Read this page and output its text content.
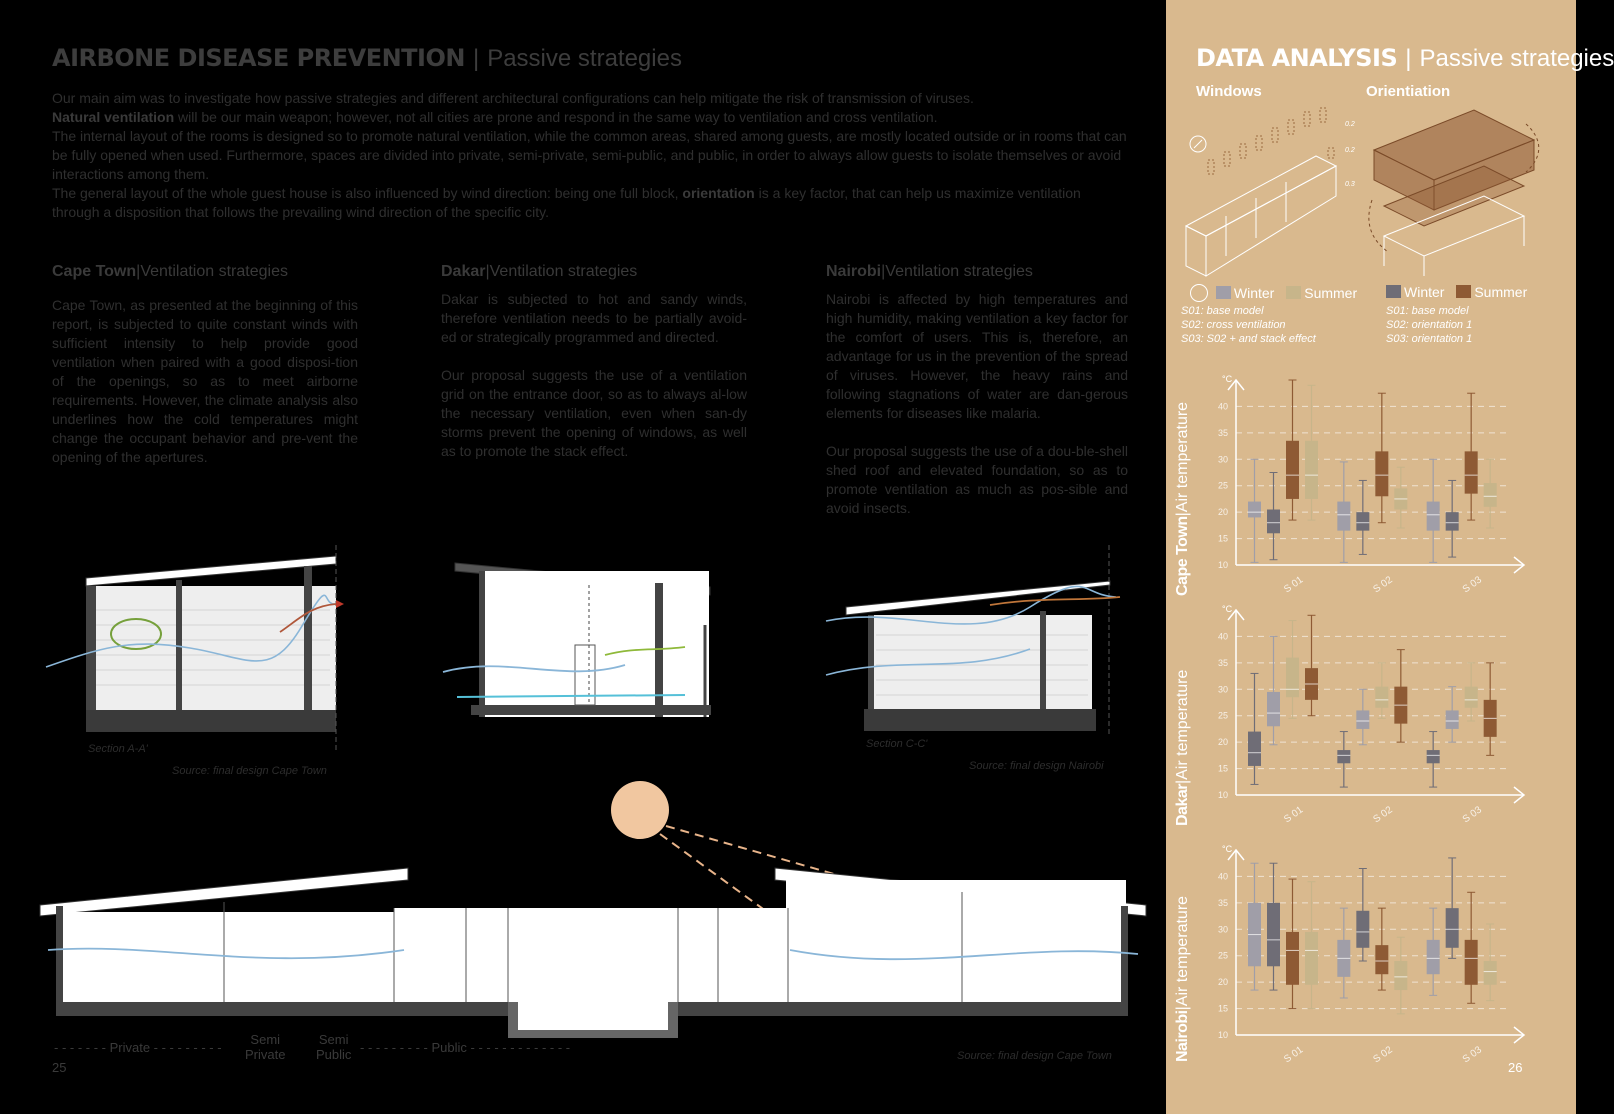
AIRBONE DISEASE PREVENTION | Passive strategies

Our main aim was to investigate how passive strategies and different architectural configurations can help mitigate the risk of transmission of viruses.

Natural ventilation will be our main weapon; however, not all cities are prone and respond in the same way to ventilation and cross ventilation.

The internal layout of the rooms is designed so to promote natural ventilation, while the common areas, shared among guests, are mostly located outside or in rooms that can be fully opened when used. Furthermore, spaces are divided into private, semi-private, semi-public, and public, in order to always allow guests to isolate themselves or avoid interactions among them.

The general layout of the whole guest house is also influenced by wind direction: being one full block, orientation is a key factor, that can help us maximize ventilation through a disposition that follows the prevailing wind direction of the specific city.

Cape Town|Ventilation strategies	Dakar|Ventilation strategies	Nairobi|Ventilation strategies

Cape Town, as presented at the beginning of this report, is subjected to quite constant winds with sufficient intensity to help provide good ventilation when paired with a good disposi-tion of the openings, so as to meet airborne requirements. However, the climate analysis also underlines how the cold temperatures might change the occupant behavior and pre-vent the opening of the apertures.

Dakar is subjected to hot and sandy winds, therefore ventilation needs to be partially avoid-ed or strategically programmed and directed.

Our proposal suggests the use of a ventilation grid on the entrance door, so as to always al-low the necessary ventilation, even when san-dy storms prevent the opening of windows, as well as to promote the stack effect.

Nairobi is affected by high temperatures and high humidity, making ventilation a key factor for the comfort of users. This is, therefore, an advantage for us in the prevention of the spread of viruses. However, the heavy rains and following stagnations of water are dan-gerous elements for diseases like malaria.

Our proposal suggests the use of a dou-ble-shell shed roof and elevated foundation, so as to promote ventilation as much as pos-sible and avoid insects.

Section A-A'
Source: final design Cape Town
Section C-C'
Source: final design Nairobi
- - - - - - - Private - - - - - - - - -
Semi
Private
Semi
Public - - - - - - - - - Public - - - - - - - - - - - - -
Source: final design Cape Town
25
DATA ANALYSIS | Passive strategies
Windows	Orientiation
0.2
0.2
0.3
Winter Summer	Winter Summer
S01: base model
S02: cross ventilation
S03: S02 + and stack effect
S01: base model
S02: orientation 1
S03: orientation 1
Cape Town|Air temperature
°C
10
15
20
25
30
35
40
S 01	S 02	S 03
Dakar|Air temperature
°C
10
15
20
25
30
35
40
S 01	S 02	S 03
Nairobi|Air temperature
°C
10
15
20
25
30
35
40
S 01	S 02	S 03
26
